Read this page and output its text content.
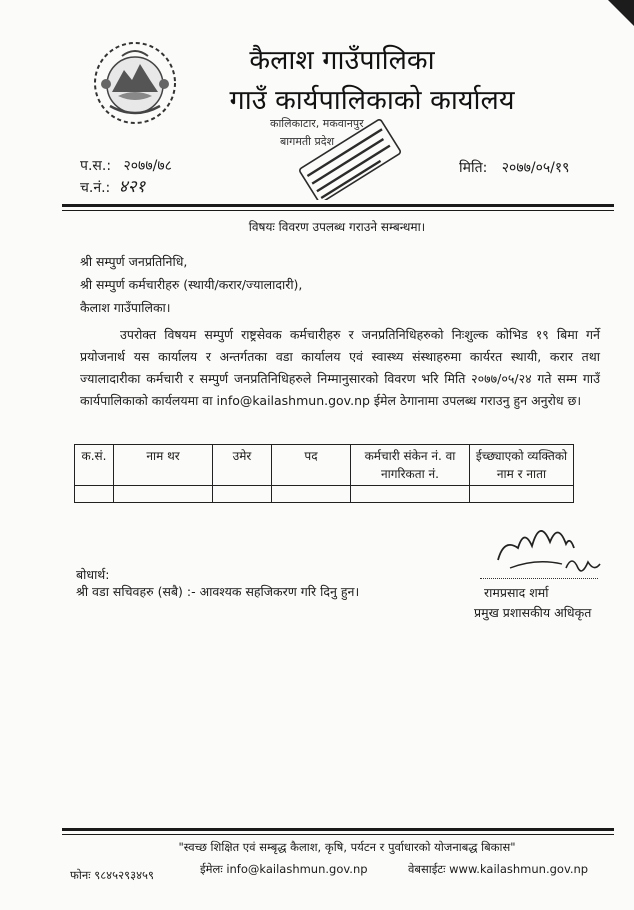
कैलाश गाउँपालिका
गाउँ कार्यपालिकाको कार्यालय
कालिकाटार, मकवानपुर
बागमती प्रदेश
प.स.: २०७७/७८
च.नं.: ४२१
मिति: २०७७/०५/१९
विषयः विवरण उपलब्ध गराउने सम्बन्धमा।
श्री सम्पुर्ण जनप्रतिनिधि,
श्री सम्पुर्ण कर्मचारीहरु (स्थायी/करार/ज्यालादारी),
कैलाश गाउँपालिका।
उपरोक्त विषयम सम्पुर्ण राष्ट्रसेवक कर्मचारीहरु र जनप्रतिनिधिहरुको निःशुल्क कोभिड १९ बिमा गर्ने प्रयोजनार्थ यस कार्यालय र अन्तर्गतका वडा कार्यालय एवं स्वास्थ्य संस्थाहरुमा कार्यरत स्थायी, करार तथा ज्यालादारीका कर्मचारी र सम्पुर्ण जनप्रतिनिधिहरुले निम्मानुसारको विवरण भरि मिति २०७७/०५/२४ गते सम्म गाउँ कार्यपालिकाको कार्यलयमा वा info@kailashmun.gov.np ईमेल ठेगानामा उपलब्ध गराउनु हुन अनुरोध छ।
क.सं.	नाम थर	उमेर	पद	कर्मचारी संकेन नं. वा नागरिकता नं.	ईच्छ्याएको व्यक्तिको नाम र नाता

बोधार्थ:
श्री वडा सचिवहरु (सबै) :- आवश्यक सहजिकरण गरि दिनु हुन।	रामप्रसाद शर्मा
प्रमुख प्रशासकीय अधिकृत
"स्वच्छ शिक्षित एवं सम्बृद्ध कैलाश, कृषि, पर्यटन र पुर्वाधारको योजनाबद्ध बिकास"
फोनः ९८४५२९३४५९	ईमेलः info@kailashmun.gov.np	वेबसाईटः www.kailashmun.gov.np
